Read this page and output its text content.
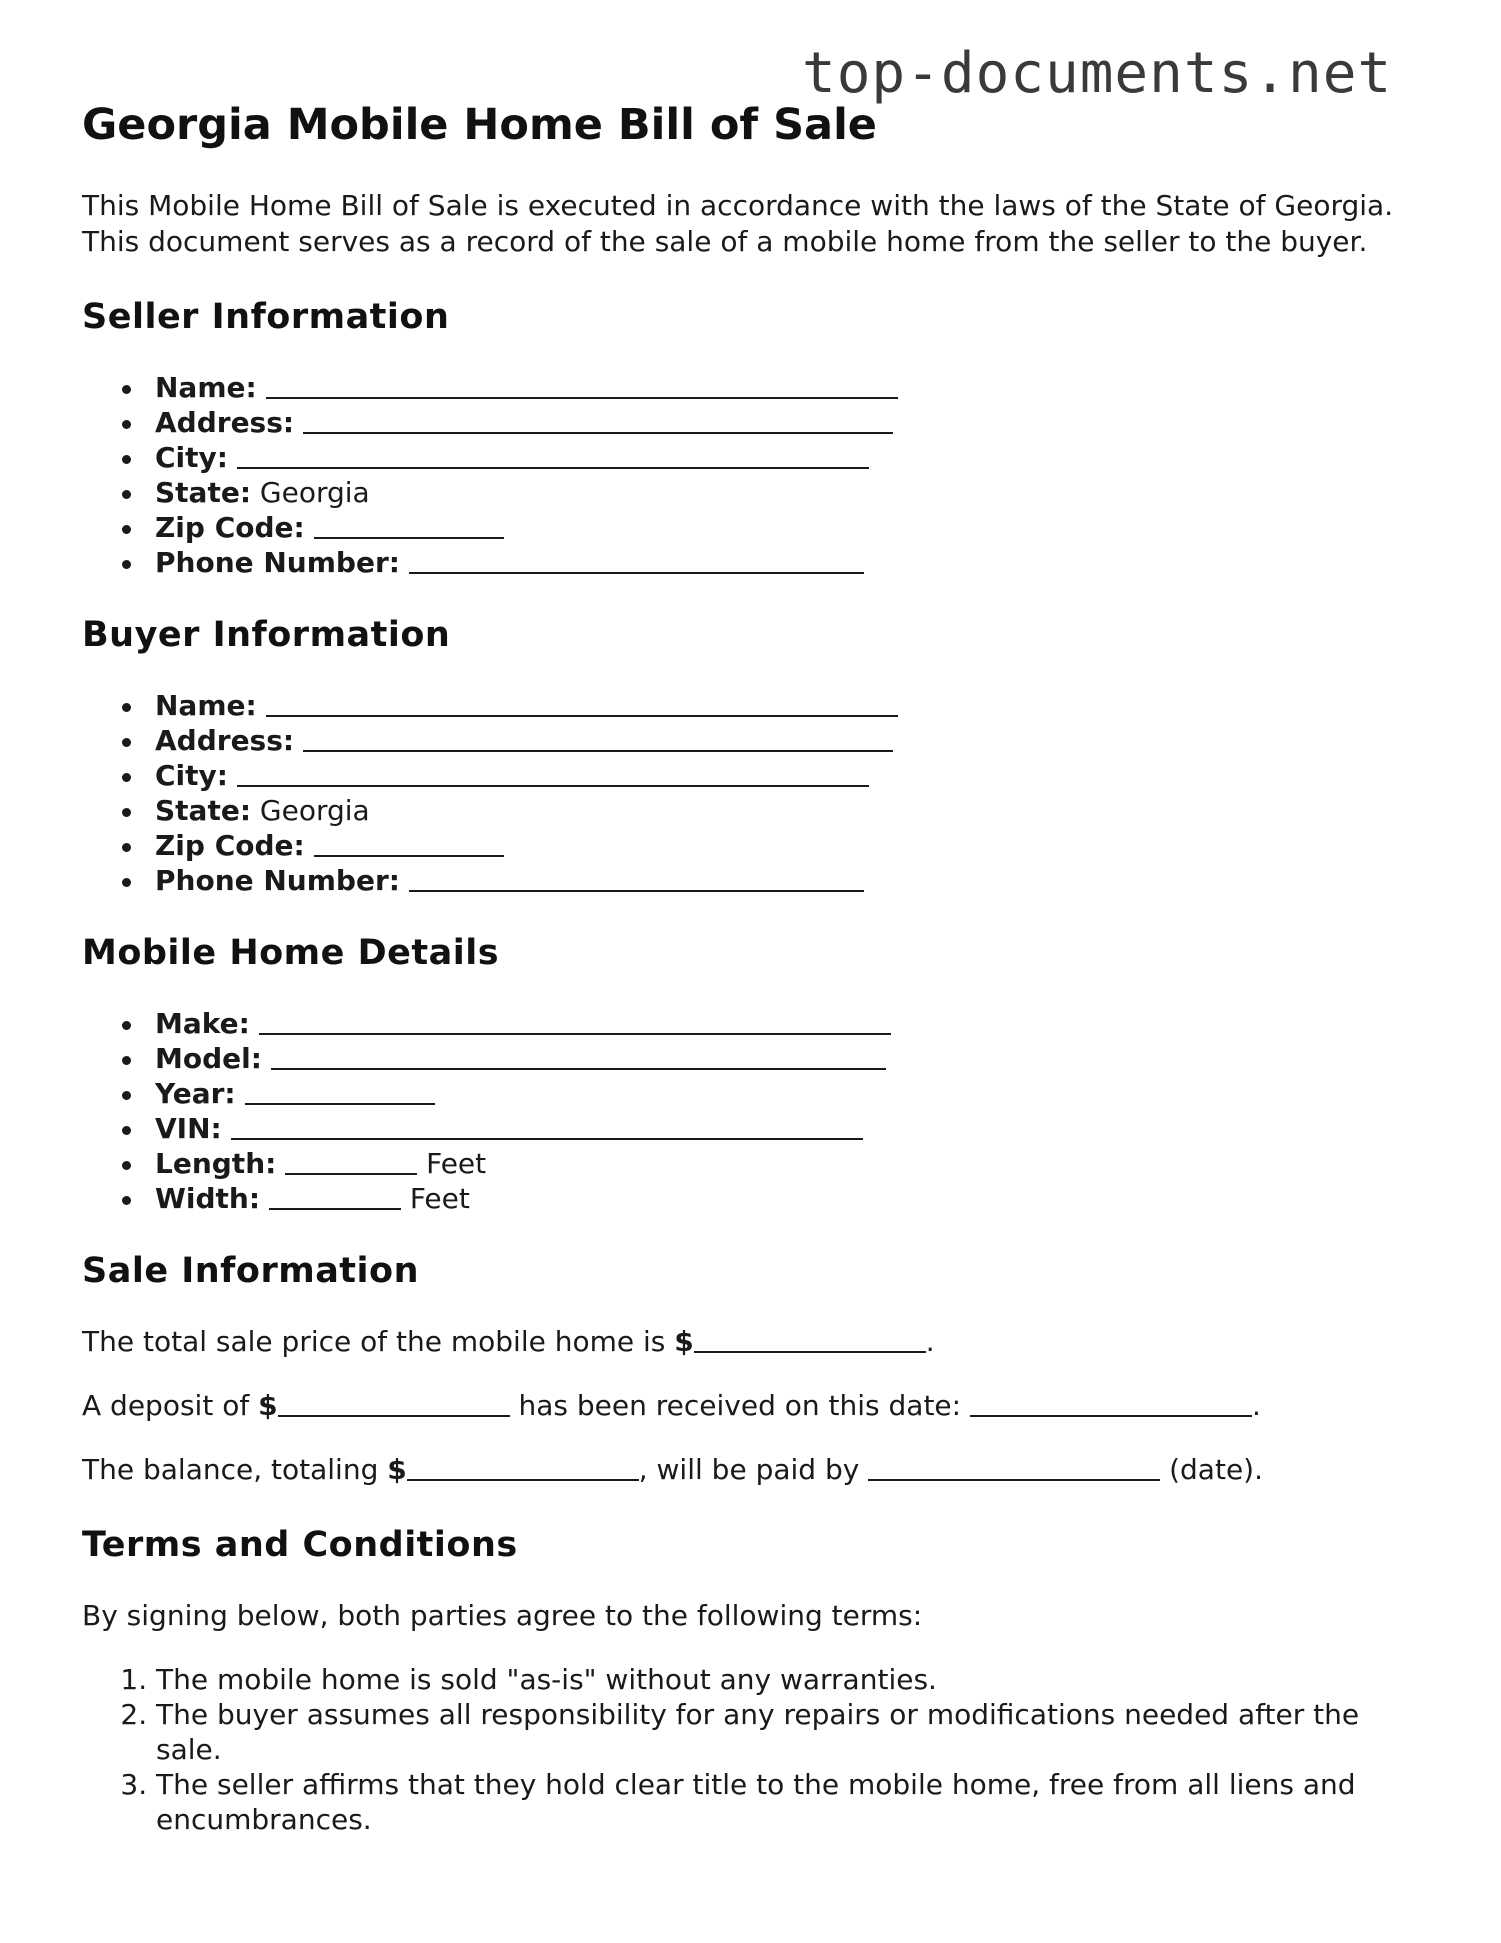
top-documents.net
Georgia Mobile Home Bill of Sale

This Mobile Home Bill of Sale is executed in accordance with the laws of the State of Georgia. This document serves as a record of the sale of a mobile home from the seller to the buyer.

Seller Information
Name:
Address:
City:
State: Georgia
Zip Code:
Phone Number:
Buyer Information
Name:
Address:
City:
State: Georgia
Zip Code:
Phone Number:
Mobile Home Details
Make:
Model:
Year:
VIN:
Length:	Feet
Width:	Feet
Sale Information

The total sale price of the mobile home is $	.

A deposit of $	has been received on this date:	.

The balance, totaling $	, will be paid by	(date).

Terms and Conditions

By signing below, both parties agree to the following terms:

1. The mobile home is sold "as-is" without any warranties.
2. The buyer assumes all responsibility for any repairs or modifications needed after the sale.
3. The seller affirms that they hold clear title to the mobile home, free from all liens and encumbrances.
